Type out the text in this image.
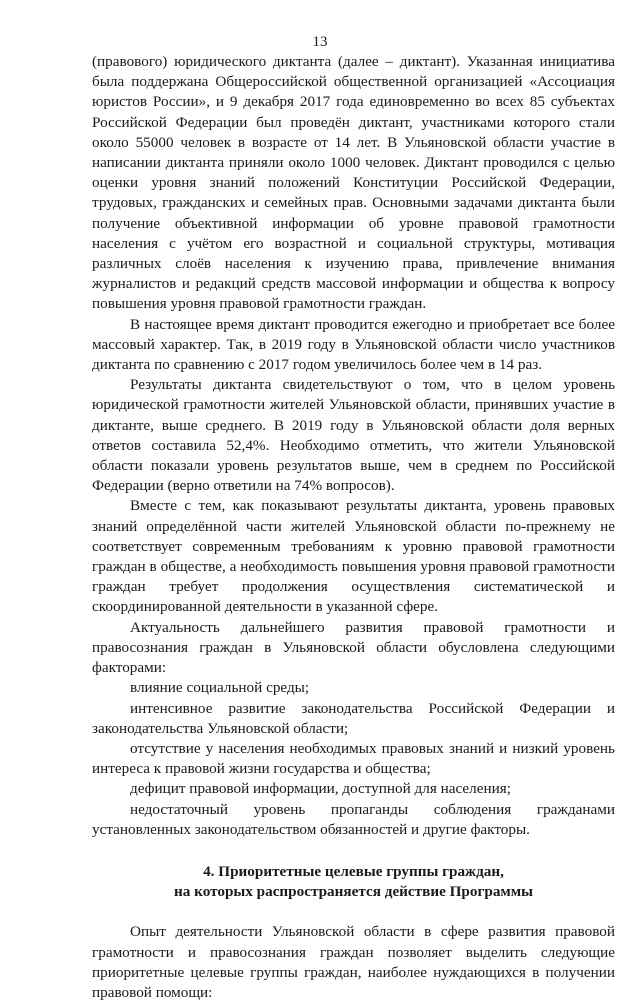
13

(правового) юридического диктанта (далее – диктант). Указанная инициатива была поддержана Общероссийской общественной организацией «Ассоциация юристов России», и 9 декабря 2017 года единовременно во всех 85 субъектах Российской Федерации был проведён диктант, участниками которого стали около 55000 человек в возрасте от 14 лет. В Ульяновской области участие в написании диктанта приняли около 1000 человек. Диктант проводился с целью оценки уровня знаний положений Конституции Российской Федерации, трудовых, гражданских и семейных прав. Основными задачами диктанта были получение объективной информации об уровне правовой грамотности населения с учётом его возрастной и социальной структуры, мотивация различных слоёв населения к изучению права, привлечение внимания журналистов и редакций средств массовой информации и общества к вопросу повышения уровня правовой грамотности граждан.

В настоящее время диктант проводится ежегодно и приобретает все более массовый характер. Так, в 2019 году в Ульяновской области число участников диктанта по сравнению с 2017 годом увеличилось более чем в 14 раз.

Результаты диктанта свидетельствуют о том, что в целом уровень юридической грамотности жителей Ульяновской области, принявших участие в диктанте, выше среднего. В 2019 году в Ульяновской области доля верных ответов составила 52,4%. Необходимо отметить, что жители Ульяновской области показали уровень результатов выше, чем в среднем по Российской Федерации (верно ответили на 74% вопросов).

Вместе с тем, как показывают результаты диктанта, уровень правовых знаний определённой части жителей Ульяновской области по-прежнему не соответствует современным требованиям к уровню правовой грамотности граждан в обществе, а необходимость повышения уровня правовой грамотности граждан требует продолжения осуществления систематической и скоординированной деятельности в указанной сфере.

Актуальность дальнейшего развития правовой грамотности и правосознания граждан в Ульяновской области обусловлена следующими факторами:

влияние социальной среды;

интенсивное развитие законодательства Российской Федерации и законодательства Ульяновской области;

отсутствие у населения необходимых правовых знаний и низкий уровень интереса к правовой жизни государства и общества;

дефицит правовой информации, доступной для населения;

недостаточный уровень пропаганды соблюдения гражданами установленных законодательством обязанностей и другие факторы.

4. Приоритетные целевые группы граждан,
на которых распространяется действие Программы

Опыт деятельности Ульяновской области в сфере развития правовой грамотности и правосознания граждан позволяет выделить следующие приоритетные целевые группы граждан, наиболее нуждающихся в получении правовой помощи:
